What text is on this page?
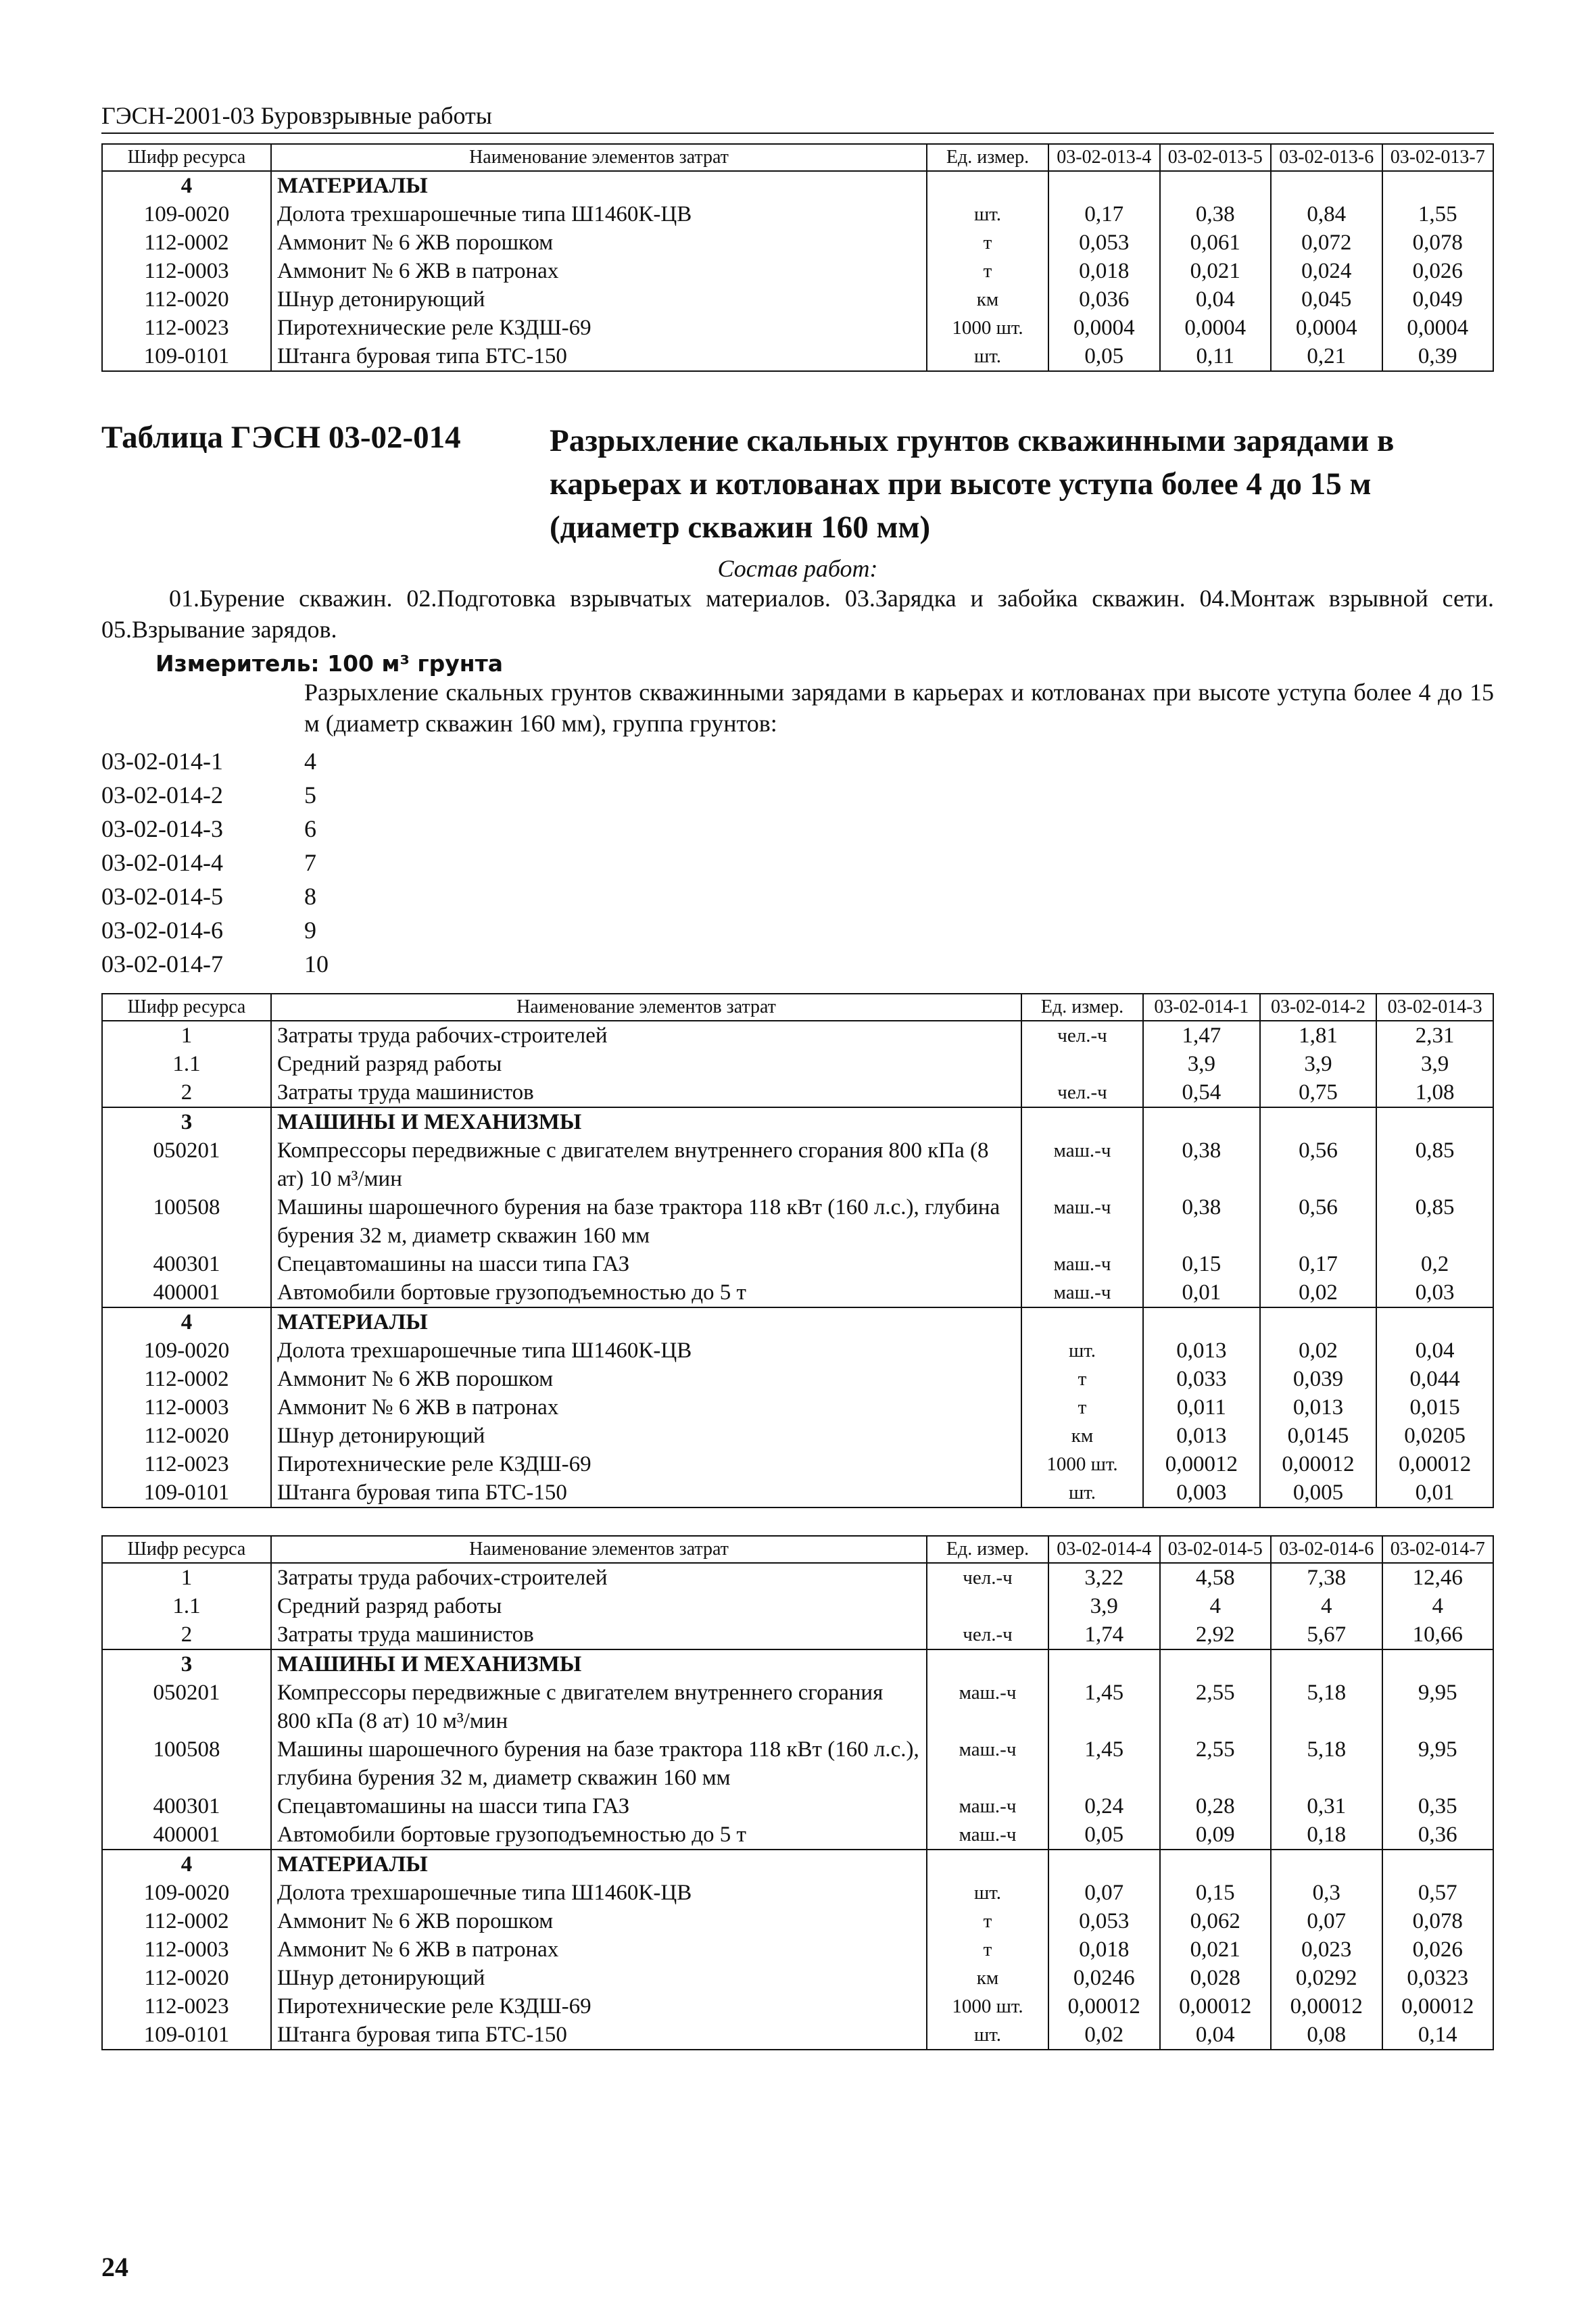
ГЭСН-2001-03 Буровзрывные работы
Шифр ресурса	Наименование элементов затрат	Ед. измер.	03-02-013-4	03-02-013-5	03-02-013-6	03-02-013-7
4	МАТЕРИАЛЫ					
109-0020	Долота трехшарошечные типа Ш1460К-ЦВ	шт.	0,17	0,38	0,84	1,55
112-0002	Аммонит № 6 ЖВ порошком	т	0,053	0,061	0,072	0,078
112-0003	Аммонит № 6 ЖВ в патронах	т	0,018	0,021	0,024	0,026
112-0020	Шнур детонирующий	км	0,036	0,04	0,045	0,049
112-0023	Пиротехнические реле КЗДШ-69	1000 шт.	0,0004	0,0004	0,0004	0,0004
109-0101	Штанга буровая типа БТС-150	шт.	0,05	0,11	0,21	0,39
Таблица ГЭСН 03-02-014	Разрыхление скальных грунтов скважинными зарядами в карьерах и котлованах при высоте уступа более 4 до 15 м (диаметр скважин 160 мм)
Состав работ:
01.Бурение скважин. 02.Подготовка взрывчатых материалов. 03.Зарядка и забойка скважин. 04.Монтаж взрывной сети. 05.Взрывание зарядов.
Измеритель: 100 м³ грунта
Разрыхление скальных грунтов скважинными зарядами в карьерах и котлованах при высоте уступа более 4 до 15 м (диаметр скважин 160 мм), группа грунтов:
03-02-014-1	4
03-02-014-2	5
03-02-014-3	6
03-02-014-4	7
03-02-014-5	8
03-02-014-6	9
03-02-014-7	10
Шифр ресурса	Наименование элементов затрат	Ед. измер.	03-02-014-1	03-02-014-2	03-02-014-3
1	Затраты труда рабочих-строителей	чел.-ч	1,47	1,81	2,31
1.1	Средний разряд работы		3,9	3,9	3,9
2	Затраты труда машинистов	чел.-ч	0,54	0,75	1,08
3	МАШИНЫ И МЕХАНИЗМЫ				
050201	Компрессоры передвижные с двигателем внутреннего сгорания 800 кПа (8 ат) 10 м³/мин	маш.-ч	0,38	0,56	0,85
100508	Машины шарошечного бурения на базе трактора 118 кВт (160 л.с.), глубина бурения 32 м, диаметр скважин 160 мм	маш.-ч	0,38	0,56	0,85
400301	Спецавтомашины на шасси типа ГАЗ	маш.-ч	0,15	0,17	0,2
400001	Автомобили бортовые грузоподъемностью до 5 т	маш.-ч	0,01	0,02	0,03
4	МАТЕРИАЛЫ				
109-0020	Долота трехшарошечные типа Ш1460К-ЦВ	шт.	0,013	0,02	0,04
112-0002	Аммонит № 6 ЖВ порошком	т	0,033	0,039	0,044
112-0003	Аммонит № 6 ЖВ в патронах	т	0,011	0,013	0,015
112-0020	Шнур детонирующий	км	0,013	0,0145	0,0205
112-0023	Пиротехнические реле КЗДШ-69	1000 шт.	0,00012	0,00012	0,00012
109-0101	Штанга буровая типа БТС-150	шт.	0,003	0,005	0,01
Шифр ресурса	Наименование элементов затрат	Ед. измер.	03-02-014-4	03-02-014-5	03-02-014-6	03-02-014-7
1	Затраты труда рабочих-строителей	чел.-ч	3,22	4,58	7,38	12,46
1.1	Средний разряд работы		3,9	4	4	4
2	Затраты труда машинистов	чел.-ч	1,74	2,92	5,67	10,66
3	МАШИНЫ И МЕХАНИЗМЫ					
050201	Компрессоры передвижные с двигателем внутреннего сгорания 800 кПа (8 ат) 10 м³/мин	маш.-ч	1,45	2,55	5,18	9,95
100508	Машины шарошечного бурения на базе трактора 118 кВт (160 л.с.), глубина бурения 32 м, диаметр скважин 160 мм	маш.-ч	1,45	2,55	5,18	9,95
400301	Спецавтомашины на шасси типа ГАЗ	маш.-ч	0,24	0,28	0,31	0,35
400001	Автомобили бортовые грузоподъемностью до 5 т	маш.-ч	0,05	0,09	0,18	0,36
4	МАТЕРИАЛЫ					
109-0020	Долота трехшарошечные типа Ш1460К-ЦВ	шт.	0,07	0,15	0,3	0,57
112-0002	Аммонит № 6 ЖВ порошком	т	0,053	0,062	0,07	0,078
112-0003	Аммонит № 6 ЖВ в патронах	т	0,018	0,021	0,023	0,026
112-0020	Шнур детонирующий	км	0,0246	0,028	0,0292	0,0323
112-0023	Пиротехнические реле КЗДШ-69	1000 шт.	0,00012	0,00012	0,00012	0,00012
109-0101	Штанга буровая типа БТС-150	шт.	0,02	0,04	0,08	0,14
24
